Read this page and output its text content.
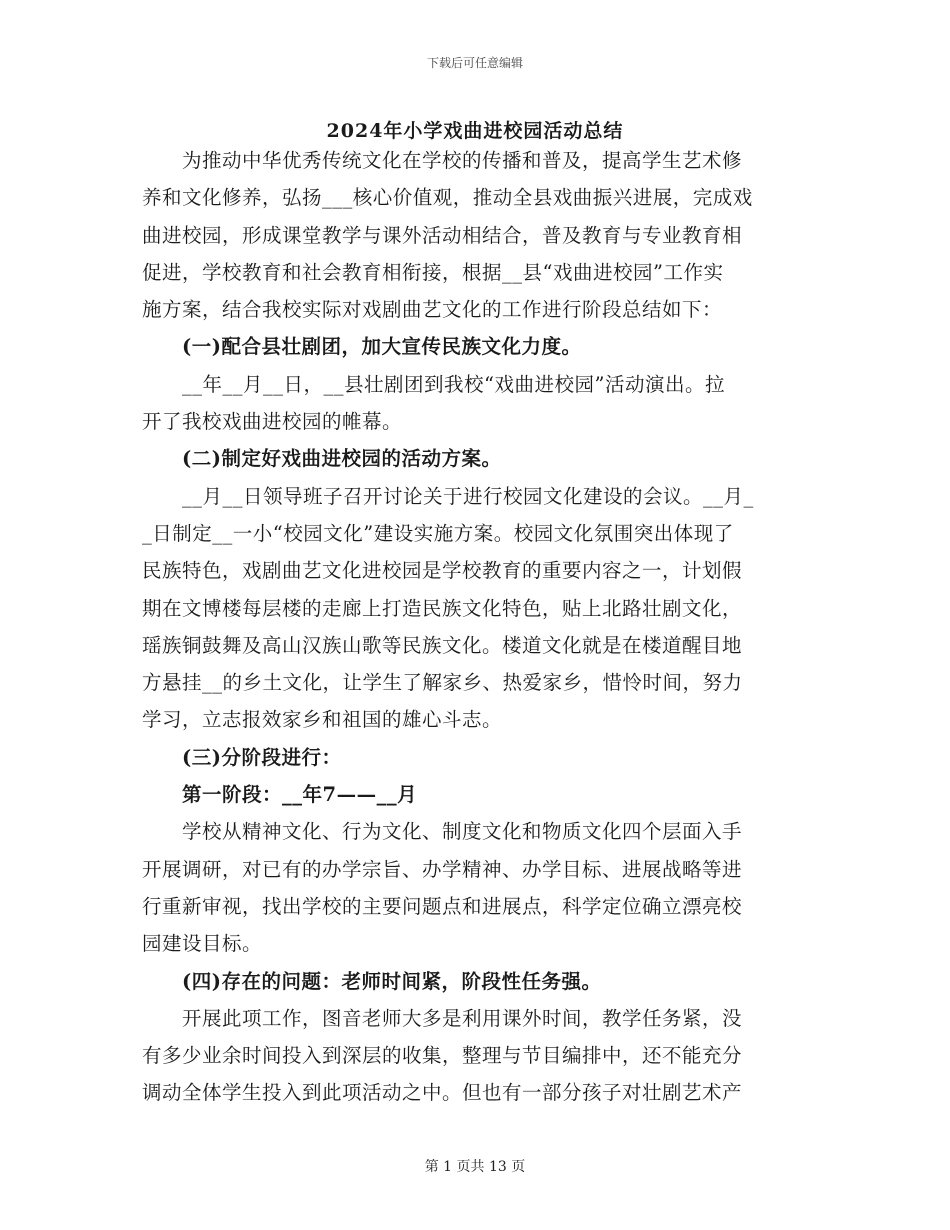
下载后可任意编辑
2024年小学戏曲进校园活动总结
为推动中华优秀传统文化在学校的传播和普及，提高学生艺术修
养和文化修养，弘扬___核心价值观，推动全县戏曲振兴进展，完成戏
曲进校园，形成课堂教学与课外活动相结合，普及教育与专业教育相
促进，学校教育和社会教育相衔接，根据__县“戏曲进校园”工作实
施方案，结合我校实际对戏剧曲艺文化的工作进行阶段总结如下：
(一)配合县壮剧团，加大宣传民族文化力度。
__年__月__日，__县壮剧团到我校“戏曲进校园”活动演出。拉
开了我校戏曲进校园的帷幕。
(二)制定好戏曲进校园的活动方案。
__月__日领导班子召开讨论关于进行校园文化建设的会议。__月_
_日制定__一小“校园文化”建设实施方案。校园文化氛围突出体现了
民族特色，戏剧曲艺文化进校园是学校教育的重要内容之一，计划假
期在文博楼每层楼的走廊上打造民族文化特色，贴上北路壮剧文化，
瑶族铜鼓舞及高山汉族山歌等民族文化。楼道文化就是在楼道醒目地
方悬挂__的乡土文化，让学生了解家乡、热爱家乡，惜怜时间，努力
学习，立志报效家乡和祖国的雄心斗志。
(三)分阶段进行：
第一阶段：__年7——__月
学校从精神文化、行为文化、制度文化和物质文化四个层面入手
开展调研，对已有的办学宗旨、办学精神、办学目标、进展战略等进
行重新审视，找出学校的主要问题点和进展点，科学定位确立漂亮校
园建设目标。
(四)存在的问题：老师时间紧，阶段性任务强。
开展此项工作，图音老师大多是利用课外时间，教学任务紧，没
有多少业余时间投入到深层的收集，整理与节目编排中，还不能充分
调动全体学生投入到此项活动之中。但也有一部分孩子对壮剧艺术产
第 1 页共 13 页
